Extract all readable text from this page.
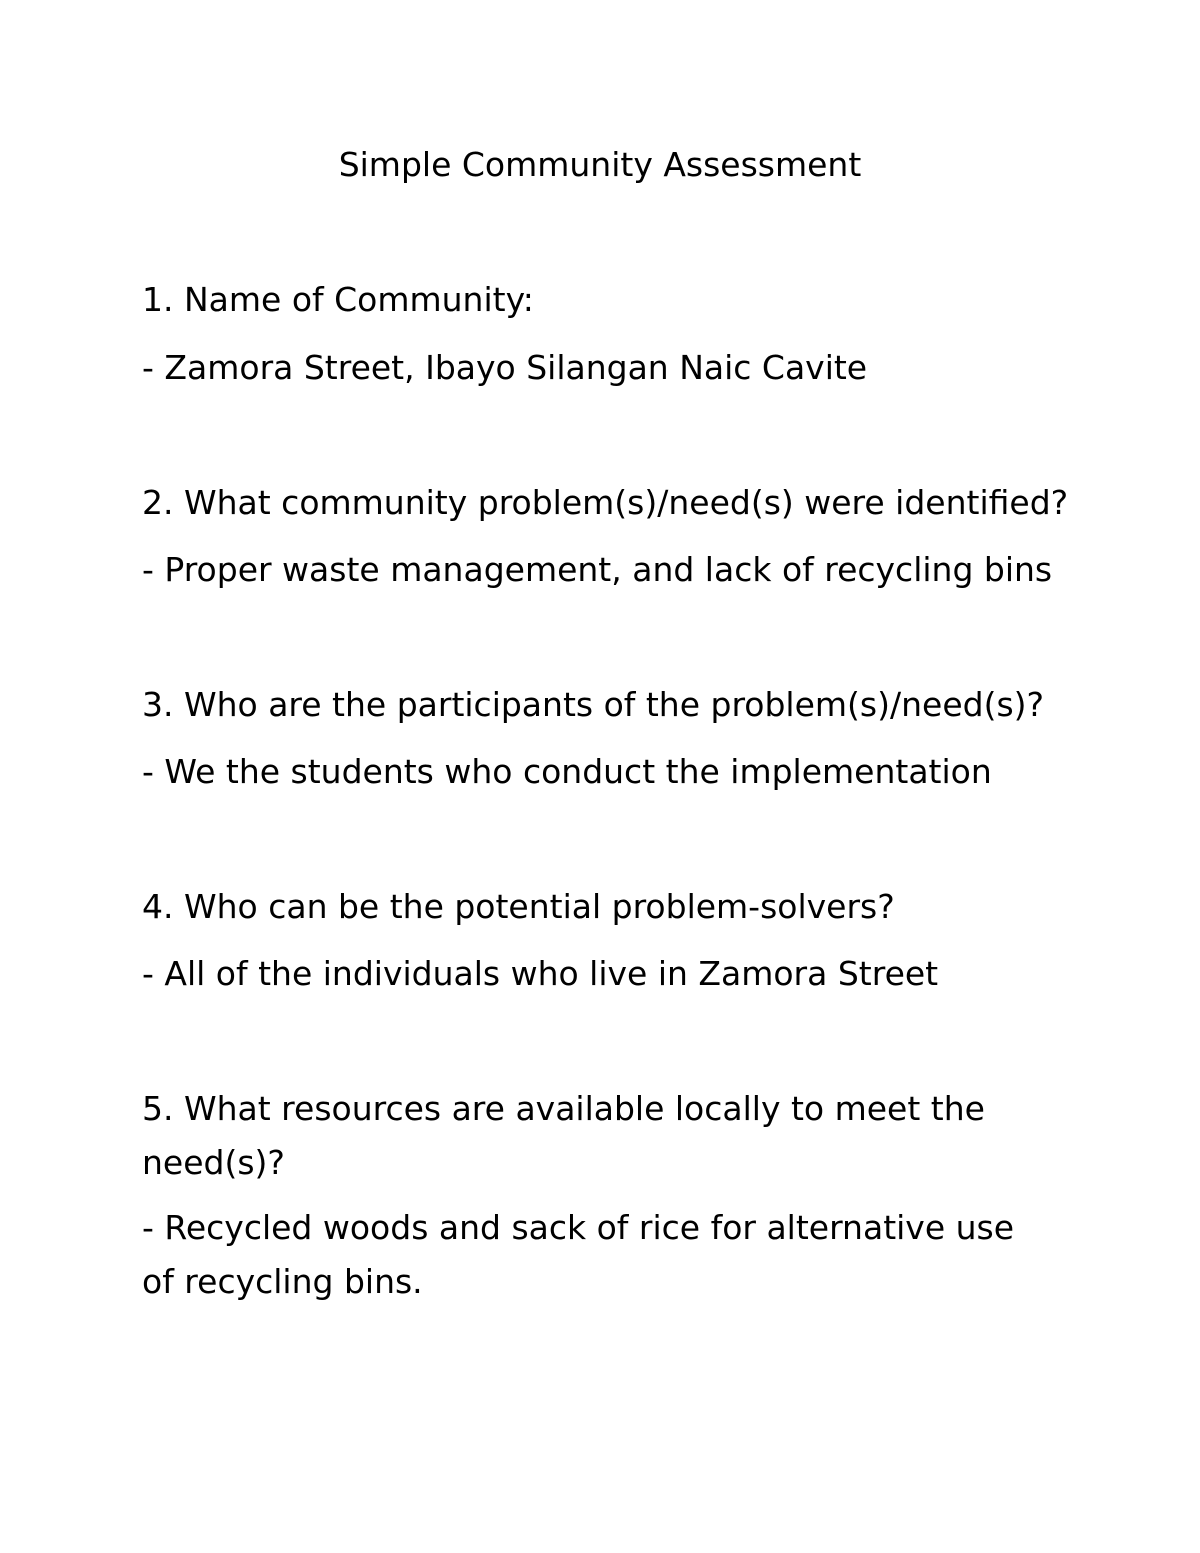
Simple Community Assessment
1. Name of Community:
- Zamora Street, Ibayo Silangan Naic Cavite
2. What community problem(s)/need(s) were identified?
- Proper waste management, and lack of recycling bins
3. Who are the participants of the problem(s)/need(s)?
- We the students who conduct the implementation
4. Who can be the potential problem-solvers?
- All of the individuals who live in Zamora Street
5. What resources are available locally to meet the need(s)?
- Recycled woods and sack of rice for alternative use of recycling bins.
